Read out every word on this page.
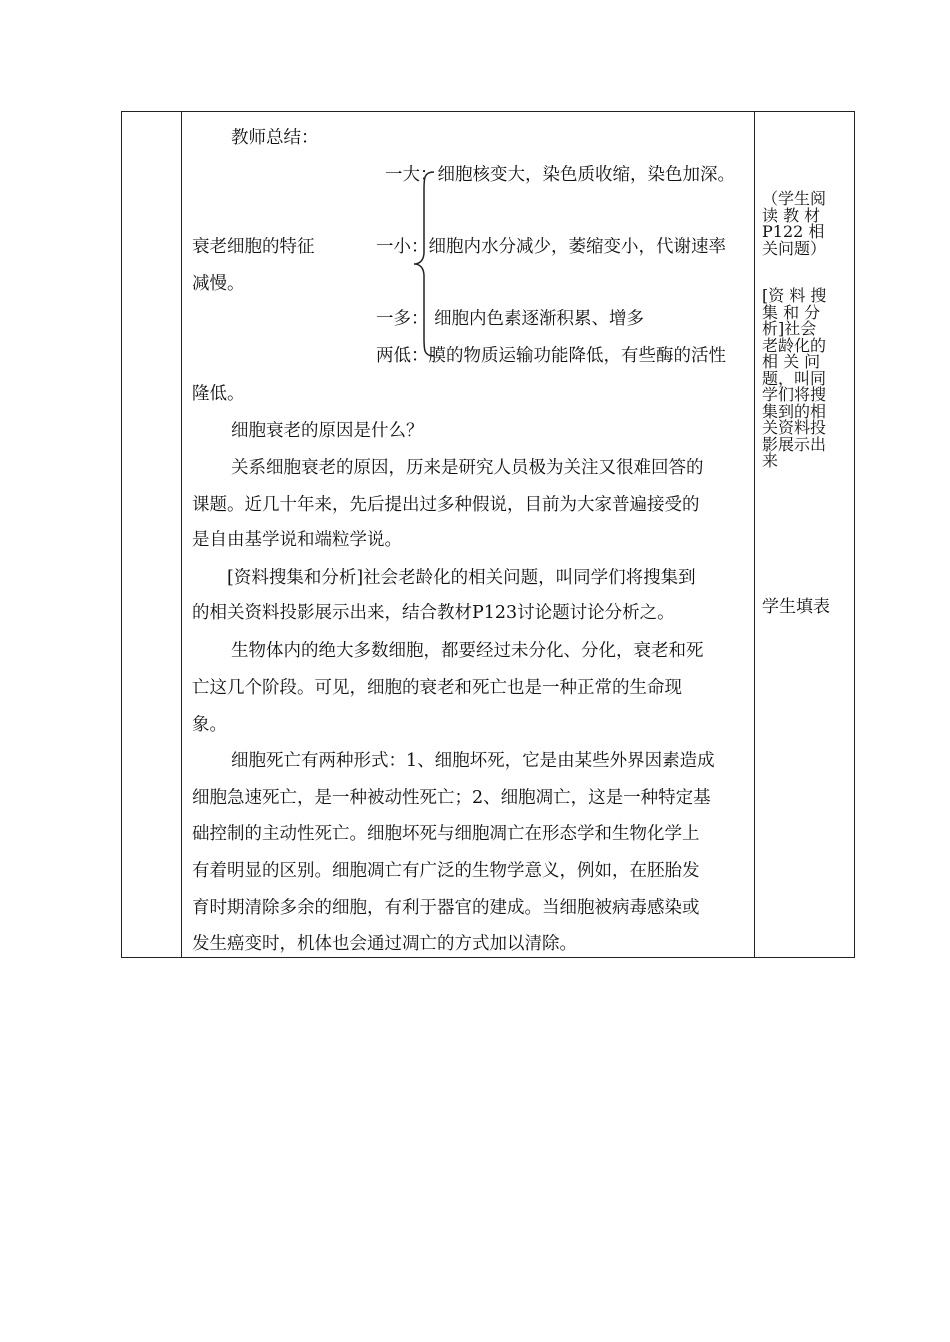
教师总结：
一大：细胞核变大，染色质收缩，染色加深。
衰老细胞的特征	一小：细胞内水分减少，萎缩变小，代谢速率
减慢。
一多： 细胞内色素逐渐积累、增多
两低：膜的物质运输功能降低，有些酶的活性
隆低。
细胞衰老的原因是什么？
关系细胞衰老的原因，历来是研究人员极为关注又很难回答的
课题。近几十年来，先后提出过多种假说，目前为大家普遍接受的
是自由基学说和端粒学说。
[资料搜集和分析]社会老龄化的相关问题，叫同学们将搜集到
的相关资料投影展示出来，结合教材P123讨论题讨论分析之。
生物体内的绝大多数细胞，都要经过未分化、分化，衰老和死
亡这几个阶段。可见，细胞的衰老和死亡也是一种正常的生命现
象。
细胞死亡有两种形式：1、细胞坏死，它是由某些外界因素造成
细胞急速死亡，是一种被动性死亡；2、细胞凋亡，这是一种特定基
础控制的主动性死亡。细胞坏死与细胞凋亡在形态学和生物化学上
有着明显的区别。细胞凋亡有广泛的生物学意义，例如，在胚胎发
育时期清除多余的细胞，有利于器官的建成。当细胞被病毒感染或
发生癌变时，机体也会通过凋亡的方式加以清除。
（学生阅
读 教 材
P122 相
关问题）
[资 料 搜
集 和 分
析]社会
老龄化的
相 关 问
题，叫同
学们将搜
集到的相
关资料投
影展示出
来
学生填表
